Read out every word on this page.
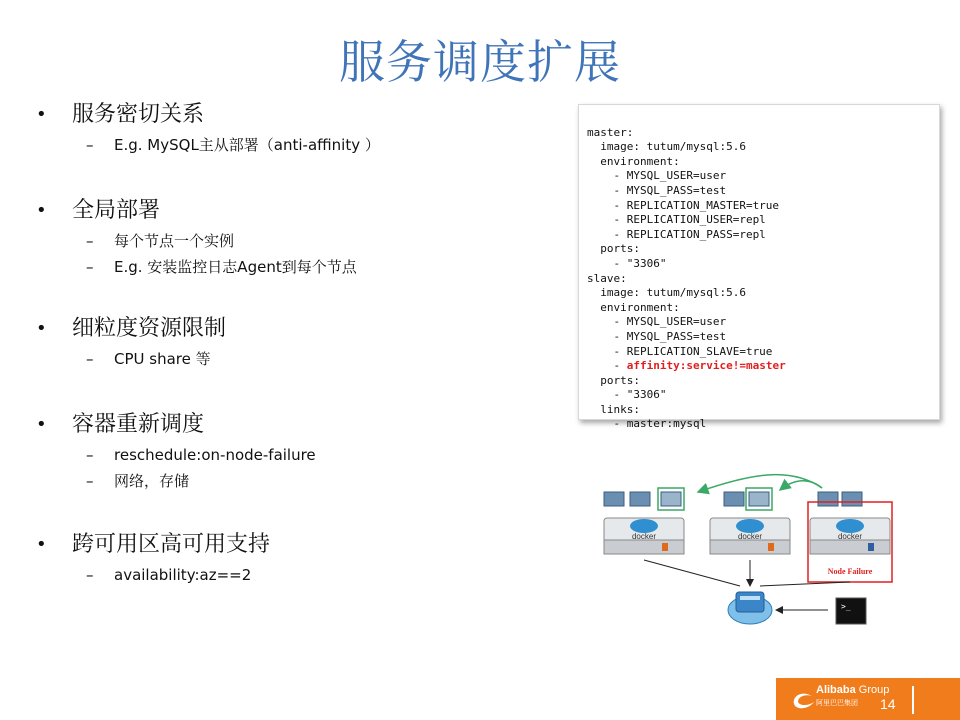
服务调度扩展
• 服务密切关系
– E.g. MySQL主从部署（anti-affinity ）
• 全局部署
– 每个节点一个实例
– E.g. 安装监控日志Agent到每个节点
• 细粒度资源限制
– CPU share 等
• 容器重新调度
– reschedule:on-node-failure
– 网络，存储
• 跨可用区高可用支持
– availability:az==2

master:
image: tutum/mysql:5.6
environment:
- MYSQL_USER=user
- MYSQL_PASS=test
- REPLICATION_MASTER=true
- REPLICATION_USER=repl
- REPLICATION_PASS=repl
ports:
- "3306"
slave:
image: tutum/mysql:5.6
environment:
- MYSQL_USER=user
- MYSQL_PASS=test
- REPLICATION_SLAVE=true
- affinity:service!=master
ports:
- "3306"
links:
- master:mysql

docker	docker	docker
Node Failure
>_
Alibaba Group
阿里巴巴集团	14
